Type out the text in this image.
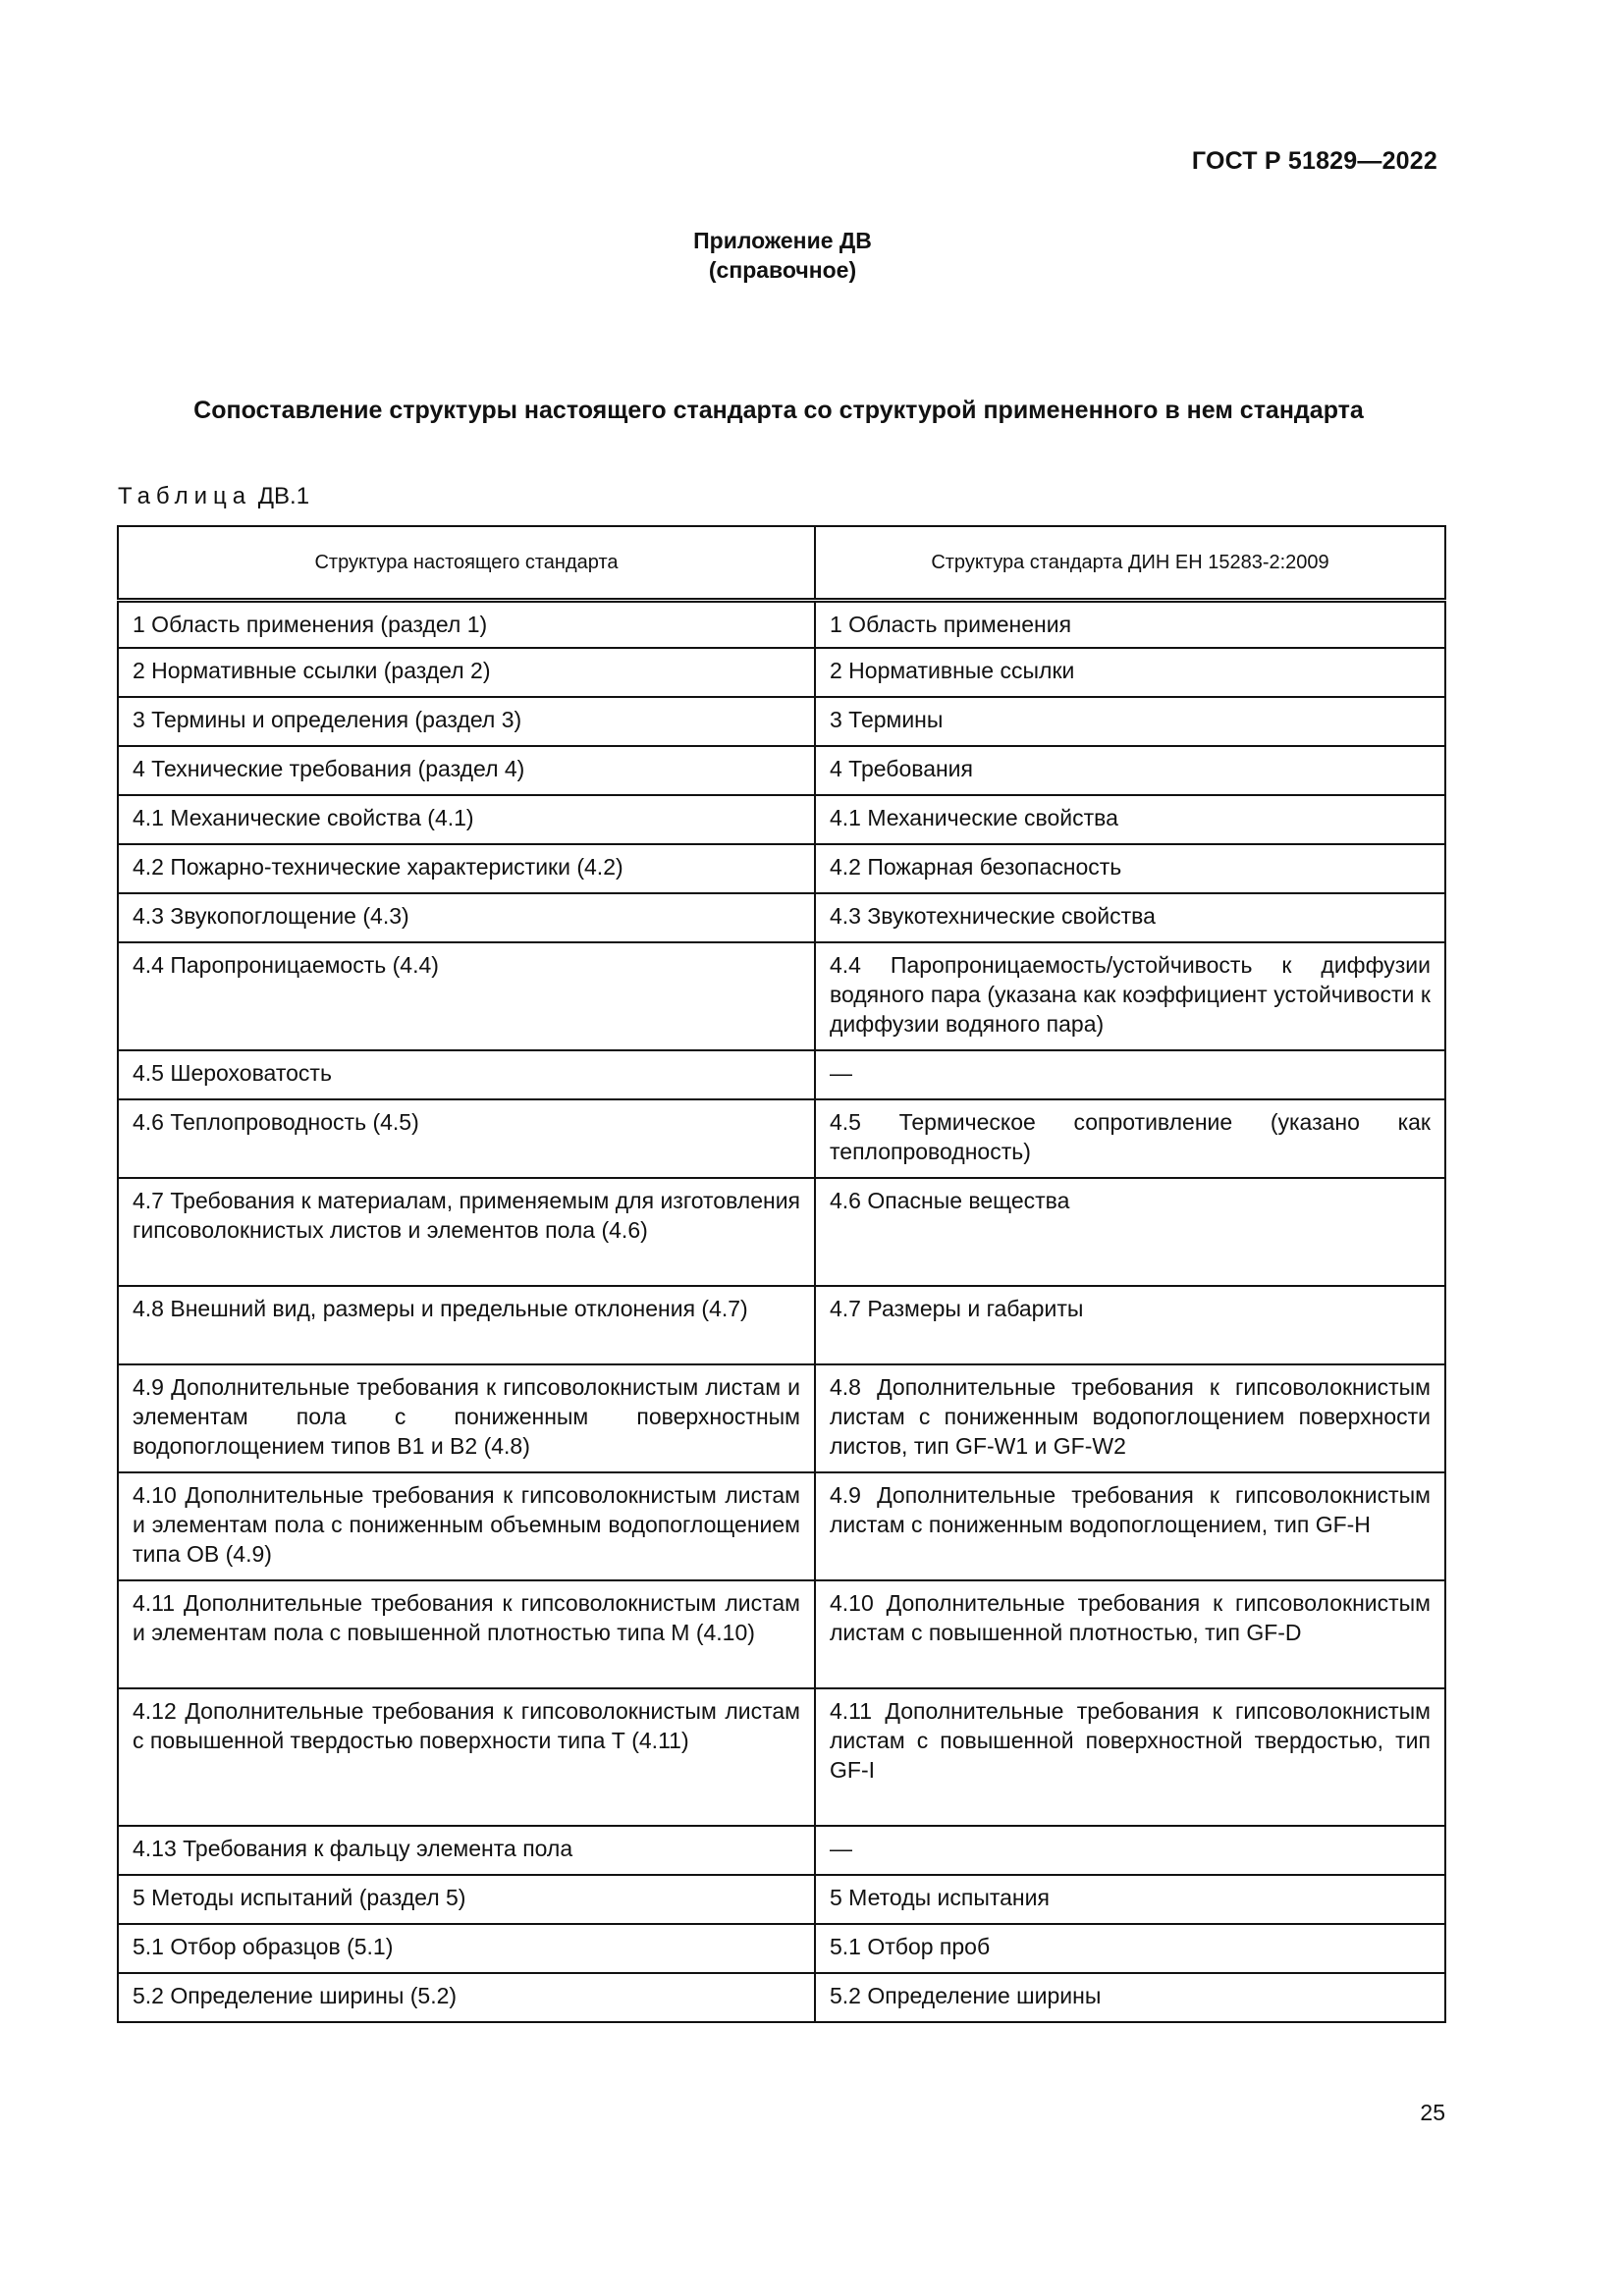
ГОСТ Р 51829—2022
Приложение ДВ
(справочное)
Сопоставление структуры настоящего стандарта со структурой примененного в нем стандарта
Таблица ДВ.1
Структура настоящего стандарта	Структура стандарта ДИН ЕН 15283-2:2009
1 Область применения (раздел 1)	1 Область применения
2 Нормативные ссылки (раздел 2)	2 Нормативные ссылки
3 Термины и определения (раздел 3)	3 Термины
4 Технические требования (раздел 4)	4 Требования
4.1 Механические свойства (4.1)	4.1 Механические свойства
4.2 Пожарно-технические характеристики (4.2)	4.2 Пожарная безопасность
4.3 Звукопоглощение (4.3)	4.3 Звукотехнические свойства
4.4 Паропроницаемость (4.4)	4.4 Паропроницаемость/устойчивость к диффузии водяного пара (указана как коэффициент устойчивости к диффузии водяного пара)
4.5 Шероховатость	—
4.6 Теплопроводность (4.5)	4.5 Термическое сопротивление (указано как теплопроводность)
4.7 Требования к материалам, применяемым для изготовления гипсоволокнистых листов и элементов пола (4.6)	4.6 Опасные вещества
4.8 Внешний вид, размеры и предельные отклонения (4.7)	4.7 Размеры и габариты
4.9 Дополнительные требования к гипсоволокнистым листам и элементам пола с пониженным поверхностным водопоглощением типов В1 и В2 (4.8)	4.8 Дополнительные требования к гипсоволокнистым листам с пониженным водопоглощением поверхности листов, тип GF-W1 и GF-W2
4.10 Дополнительные требования к гипсоволокнистым листам и элементам пола с пониженным объемным водопоглощением типа ОВ (4.9)	4.9 Дополнительные требования к гипсоволокнистым листам с пониженным водопоглощением, тип GF-H
4.11 Дополнительные требования к гипсоволокнистым листам и элементам пола с повышенной плотностью типа М (4.10)	4.10 Дополнительные требования к гипсоволокнистым листам с повышенной плотностью, тип GF-D
4.12 Дополнительные требования к гипсоволокнистым листам с повышенной твердостью поверхности типа Т (4.11)	4.11 Дополнительные требования к гипсоволокнистым листам с повышенной поверхностной твердостью, тип GF-I
4.13 Требования к фальцу элемента пола	—
5 Методы испытаний (раздел 5)	5 Методы испытания
5.1 Отбор образцов (5.1)	5.1 Отбор проб
5.2 Определение ширины (5.2)	5.2 Определение ширины
25
